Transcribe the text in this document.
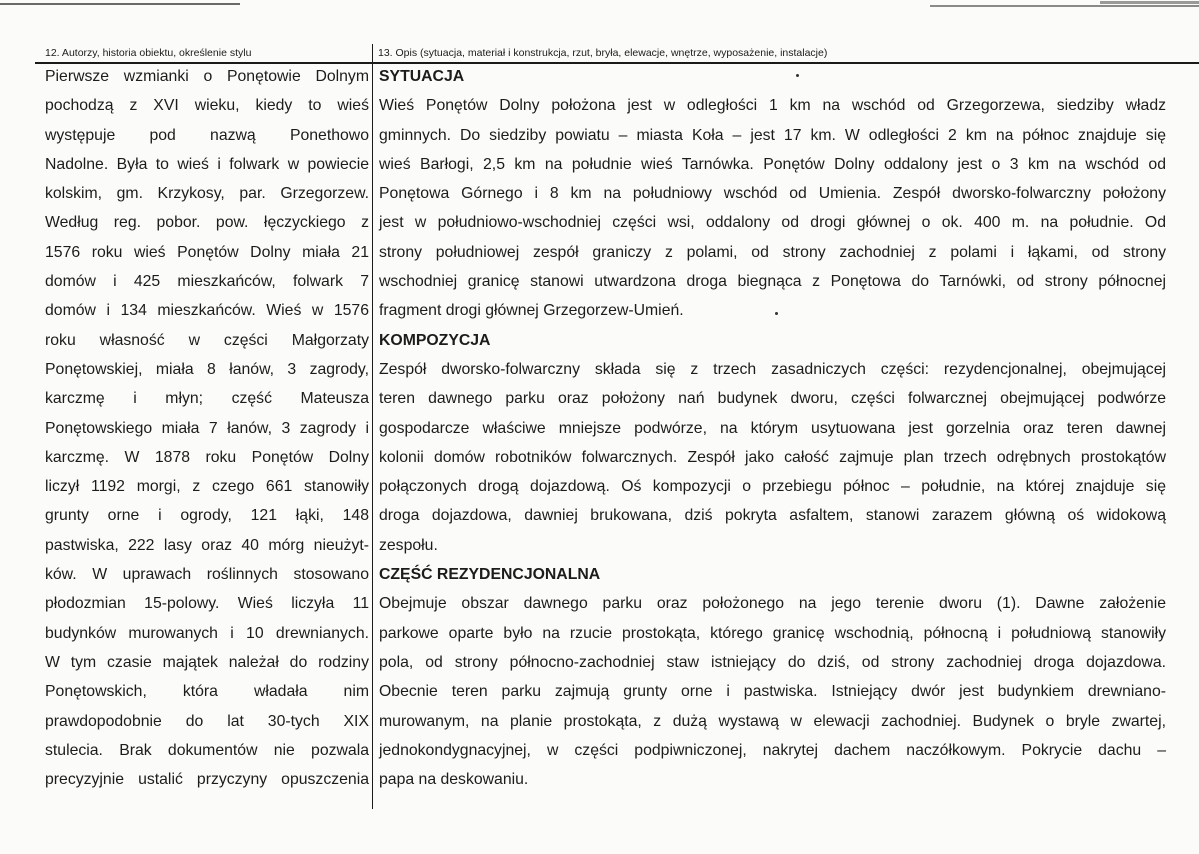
12. Autorzy, historia obiektu, określenie stylu	13. Opis (sytuacja, materiał i konstrukcja, rzut, bryła, elewacje, wnętrze, wyposażenie, instalacje)
Pierwsze wzmianki o Ponętowie Dolnym
pochodzą z XVI wieku, kiedy to wieś
występuje pod nazwą Ponethowo
Nadolne. Była to wieś i folwark w powiecie
kolskim, gm. Krzykosy, par. Grzegorzew.
Według reg. pobor. pow. łęczyckiego z
1576 roku wieś Ponętów Dolny miała 21
domów i 425 mieszkańców, folwark 7
domów i 134 mieszkańców. Wieś w 1576
roku własność w części Małgorzaty
Ponętowskiej, miała 8 łanów, 3 zagrody,
karczmę i młyn; część Mateusza
Ponętowskiego miała 7 łanów, 3 zagrody i
karczmę. W 1878 roku Ponętów Dolny
liczył 1192 morgi, z czego 661 stanowiły
grunty orne i ogrody, 121 łąki, 148
pastwiska, 222 lasy oraz 40 mórg nieużyt-
ków. W uprawach roślinnych stosowano
płodozmian 15-polowy. Wieś liczyła 11
budynków murowanych i 10 drewnianych.
W tym czasie majątek należał do rodziny
Ponętowskich, która władała nim
prawdopodobnie do lat 30-tych XIX
stulecia. Brak dokumentów nie pozwala
precyzyjnie ustalić przyczyny opuszczenia
SYTUACJA
Wieś Ponętów Dolny położona jest w odległości 1 km na wschód od Grzegorzewa, siedziby władz
gminnych. Do siedziby powiatu – miasta Koła – jest 17 km. W odległości 2 km na północ znajduje się
wieś Barłogi, 2,5 km na południe wieś Tarnówka. Ponętów Dolny oddalony jest o 3 km na wschód od
Ponętowa Górnego i 8 km na południowy wschód od Umienia. Zespół dworsko-folwarczny położony
jest w południowo-wschodniej części wsi, oddalony od drogi głównej o ok. 400 m. na południe. Od
strony południowej zespół graniczy z polami, od strony zachodniej z polami i łąkami, od strony
wschodniej granicę stanowi utwardzona droga biegnąca z Ponętowa do Tarnówki, od strony północnej
fragment drogi głównej Grzegorzew-Umień.
KOMPOZYCJA
Zespół dworsko-folwarczny składa się z trzech zasadniczych części: rezydencjonalnej, obejmującej
teren dawnego parku oraz położony nań budynek dworu, części folwarcznej obejmującej podwórze
gospodarcze właściwe mniejsze podwórze, na którym usytuowana jest gorzelnia oraz teren dawnej
kolonii domów robotników folwarcznych. Zespół jako całość zajmuje plan trzech odrębnych prostokątów
połączonych drogą dojazdową. Oś kompozycji o przebiegu północ – południe, na której znajduje się
droga dojazdowa, dawniej brukowana, dziś pokryta asfaltem, stanowi zarazem główną oś widokową
zespołu.
CZĘŚĆ REZYDENCJONALNA
Obejmuje obszar dawnego parku oraz położonego na jego terenie dworu (1). Dawne założenie
parkowe oparte było na rzucie prostokąta, którego granicę wschodnią, północną i południową stanowiły
pola, od strony północno-zachodniej staw istniejący do dziś, od strony zachodniej droga dojazdowa.
Obecnie teren parku zajmują grunty orne i pastwiska. Istniejący dwór jest budynkiem drewniano-
murowanym, na planie prostokąta, z dużą wystawą w elewacji zachodniej. Budynek o bryle zwartej,
jednokondygnacyjnej, w części podpiwniczonej, nakrytej dachem naczółkowym. Pokrycie dachu –
papa na deskowaniu.
